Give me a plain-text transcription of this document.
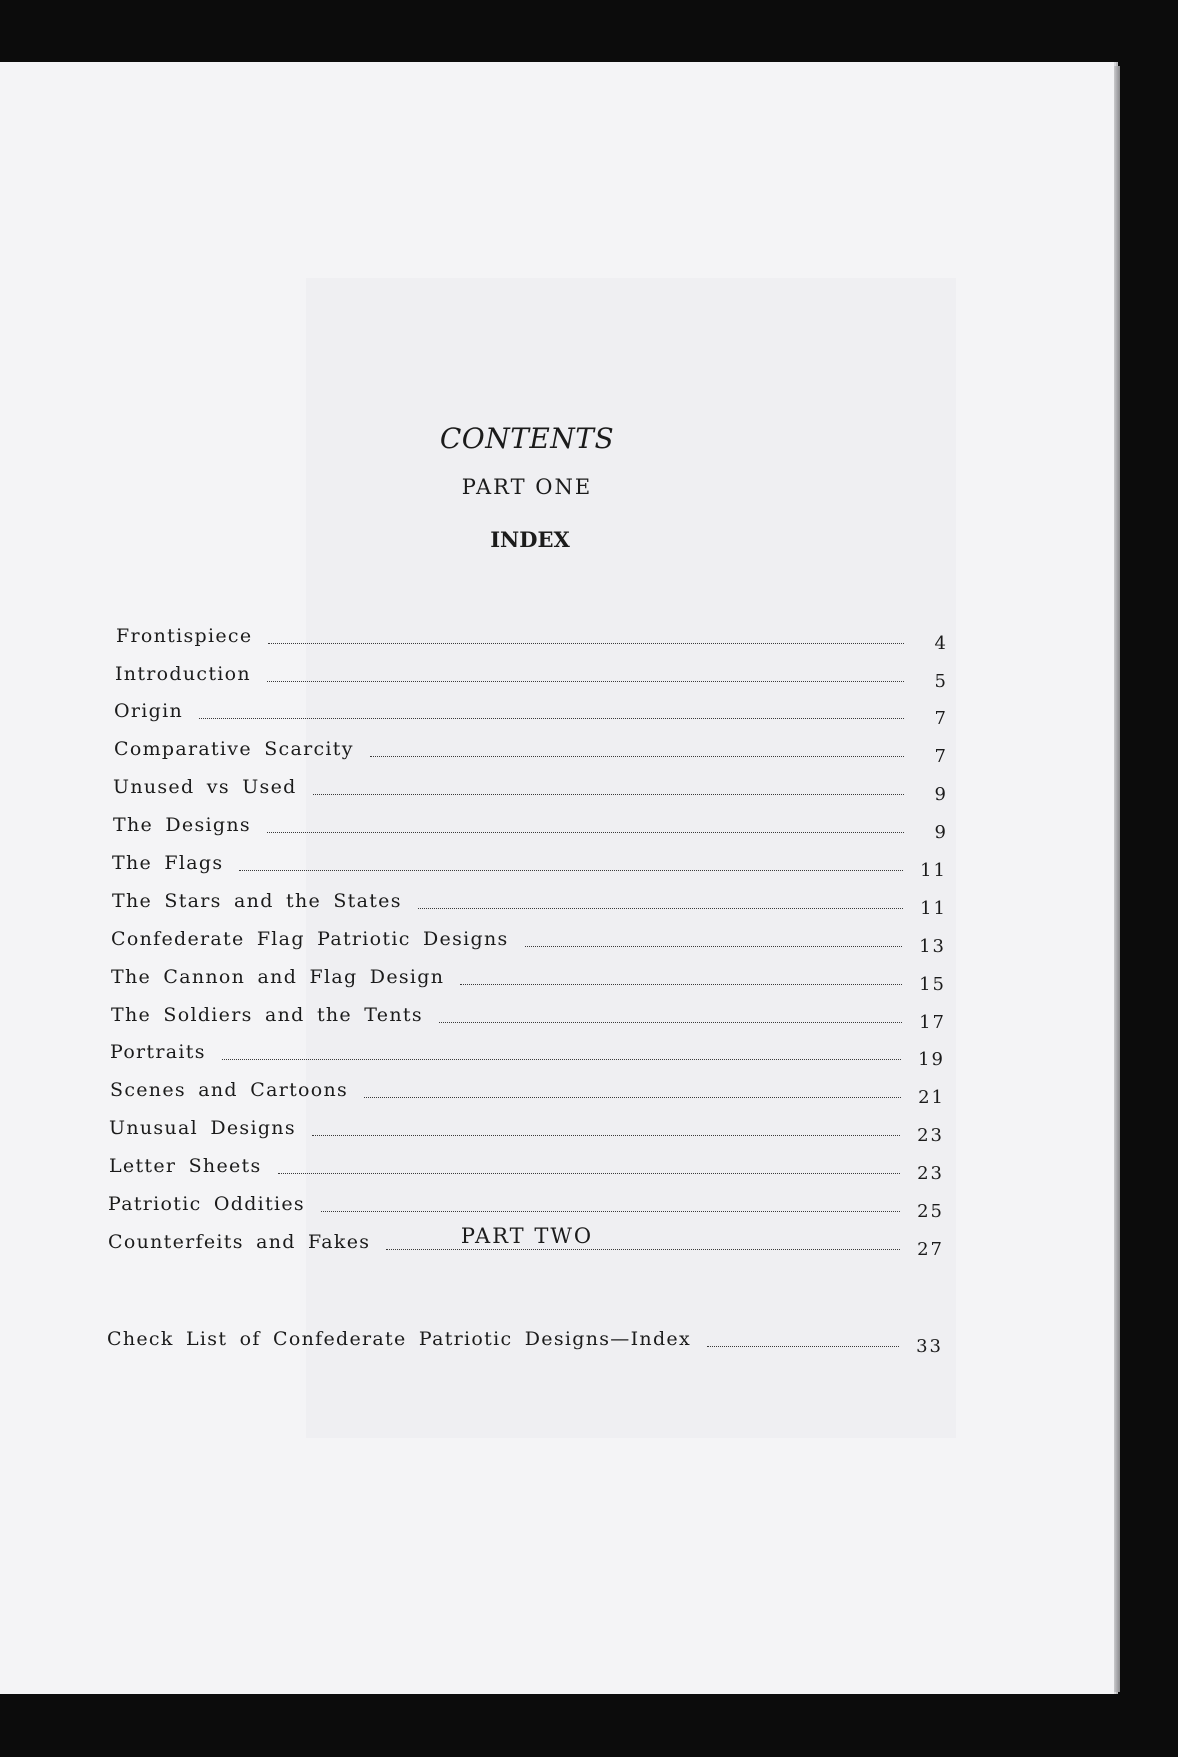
CONTENTS
PART ONE
INDEX
Frontispiece	4
Introduction	5
Origin	7
Comparative Scarcity	7
Unused vs Used	9
The Designs	9
The Flags	11
The Stars and the States	11
Confederate Flag Patriotic Designs	13
The Cannon and Flag Design	15
The Soldiers and the Tents	17
Portraits	19
Scenes and Cartoons	21
Unusual Designs	23
Letter Sheets	23
Patriotic Oddities	25
Counterfeits and Fakes	27
PART TWO
Check List of Confederate Patriotic Designs—Index	33
